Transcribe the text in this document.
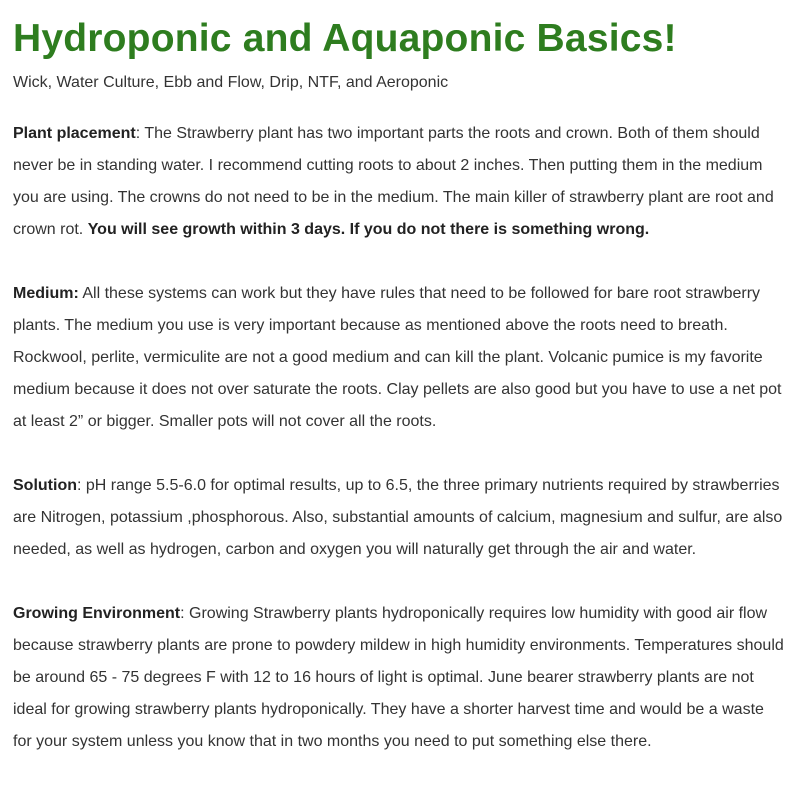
Hydroponic and Aquaponic Basics!

Wick, Water Culture, Ebb and Flow, Drip, NTF, and Aeroponic

Plant placement: The Strawberry plant has two important parts the roots and crown. Both of them should never be in standing water. I recommend cutting roots to about 2 inches. Then putting them in the medium you are using. The crowns do not need to be in the medium. The main killer of strawberry plant are root and crown rot. You will see growth within 3 days. If you do not there is something wrong.

Medium: All these systems can work but they have rules that need to be followed for bare root strawberry plants. The medium you use is very important because as mentioned above the roots need to breath. Rockwool, perlite, vermiculite are not a good medium and can kill the plant. Volcanic pumice is my favorite medium because it does not over saturate the roots. Clay pellets are also good but you have to use a net pot at least 2” or bigger. Smaller pots will not cover all the roots.

Solution: pH range 5.5-6.0 for optimal results, up to 6.5, the three primary nutrients required by strawberries are Nitrogen, potassium ,phosphorous. Also, substantial amounts of calcium, magnesium and sulfur, are also needed, as well as hydrogen, carbon and oxygen you will naturally get through the air and water.

Growing Environment: Growing Strawberry plants hydroponically requires low humidity with good air flow because strawberry plants are prone to powdery mildew in high humidity environments. Temperatures should be around 65 - 75 degrees F with 12 to 16 hours of light is optimal. June bearer strawberry plants are not ideal for growing strawberry plants hydroponically. They have a shorter harvest time and would be a waste for your system unless you know that in two months you need to put something else there.
